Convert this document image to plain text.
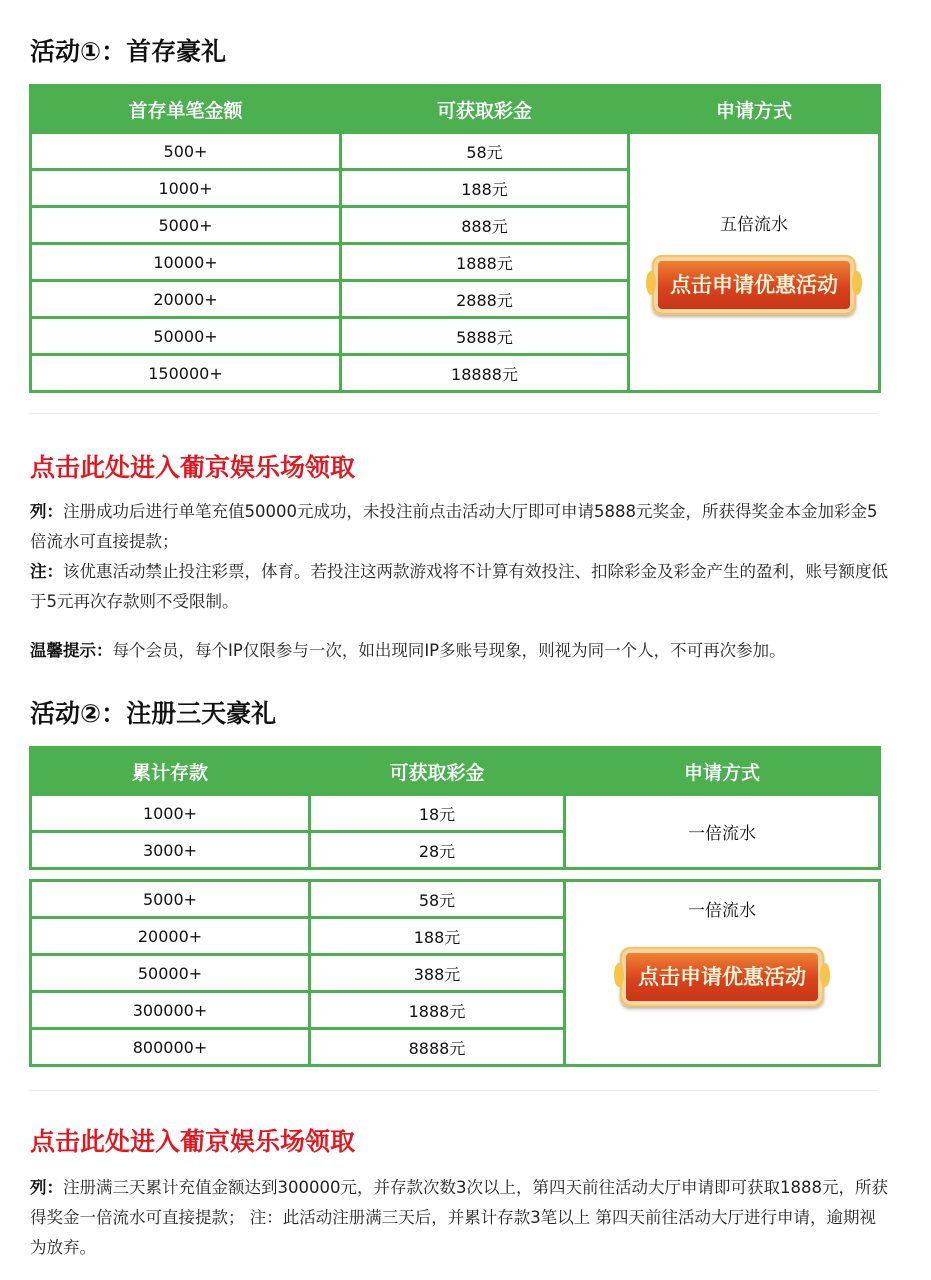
活动①：首存豪礼
首存单笔金额	可获取彩金	申请方式
500+	58元	五倍流水
点击申请优惠活动
1000+	188元	
5000+	888元	
10000+	1888元	
20000+	2888元	
50000+	5888元	
150000+	18888元	
点击此处进入葡京娱乐场领取
列：注册成功后进行单笔充值50000元成功，未投注前点击活动大厅即可申请5888元奖金，所获得奖金本金加彩金5倍流水可直接提款；
注：该优惠活动禁止投注彩票，体育。若投注这两款游戏将不计算有效投注、扣除彩金及彩金产生的盈利，账号额度低于5元再次存款则不受限制。
温馨提示：每个会员，每个IP仅限参与一次，如出现同IP多账号现象，则视为同一个人，不可再次参加。
活动②：注册三天豪礼
累计存款	可获取彩金	申请方式
1000+	18元	一倍流水

3000+	28元	
5000+	58元	一倍流水
点击申请优惠活动
20000+	188元	
50000+	388元	
300000+	1888元	
800000+	8888元	
点击此处进入葡京娱乐场领取
列：注册满三天累计充值金额达到300000元，并存款次数3次以上，第四天前往活动大厅申请即可获取1888元，所获得奖金一倍流水可直接提款； 注：此活动注册满三天后，并累计存款3笔以上 第四天前往活动大厅进行申请，逾期视为放弃。
